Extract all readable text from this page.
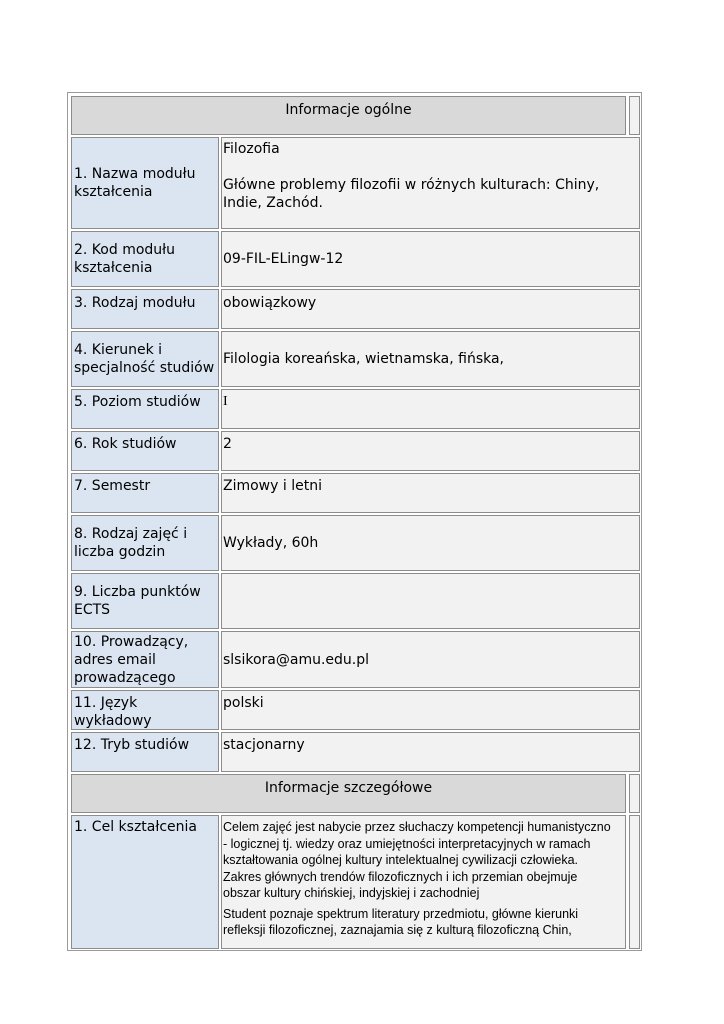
Informacje ogólne
1. Nazwa modułu kształcenia

Filozofia

Główne problemy filozofii w różnych kulturach: Chiny, Indie, Zachód.

2. Kod modułu kształcenia
09-FIL-ELingw-12
3. Rodzaj modułu obowiązkowy
4. Kierunek i specjalność studiów
Filologia koreańska, wietnamska, fińska,
5. Poziom studiów I
6. Rok studiów	2
7. Semestr	Zimowy i letni
8. Rodzaj zajęć i liczba godzin
Wykłady, 60h
9. Liczba punktów ECTS
10. Prowadzący, adres email prowadzącego
slsikora@amu.edu.pl
11. Język wykładowy
polski
12. Tryb studiów stacjonarny
Informacje szczegółowe
1. Cel kształcenia Celem zajęć jest nabycie przez słuchaczy kompetencji humanistyczno - logicznej tj. wiedzy oraz umiejętności interpretacyjnych w ramach kształtowania ogólnej kultury intelektualnej cywilizacji człowieka. Zakres głównych trendów filozoficznych i ich przemian obejmuje obszar kultury chińskiej, indyjskiej i zachodniej

Student poznaje spektrum literatury przedmiotu, główne kierunki refleksji filozoficznej, zaznajamia się z kulturą filozoficzną Chin,
